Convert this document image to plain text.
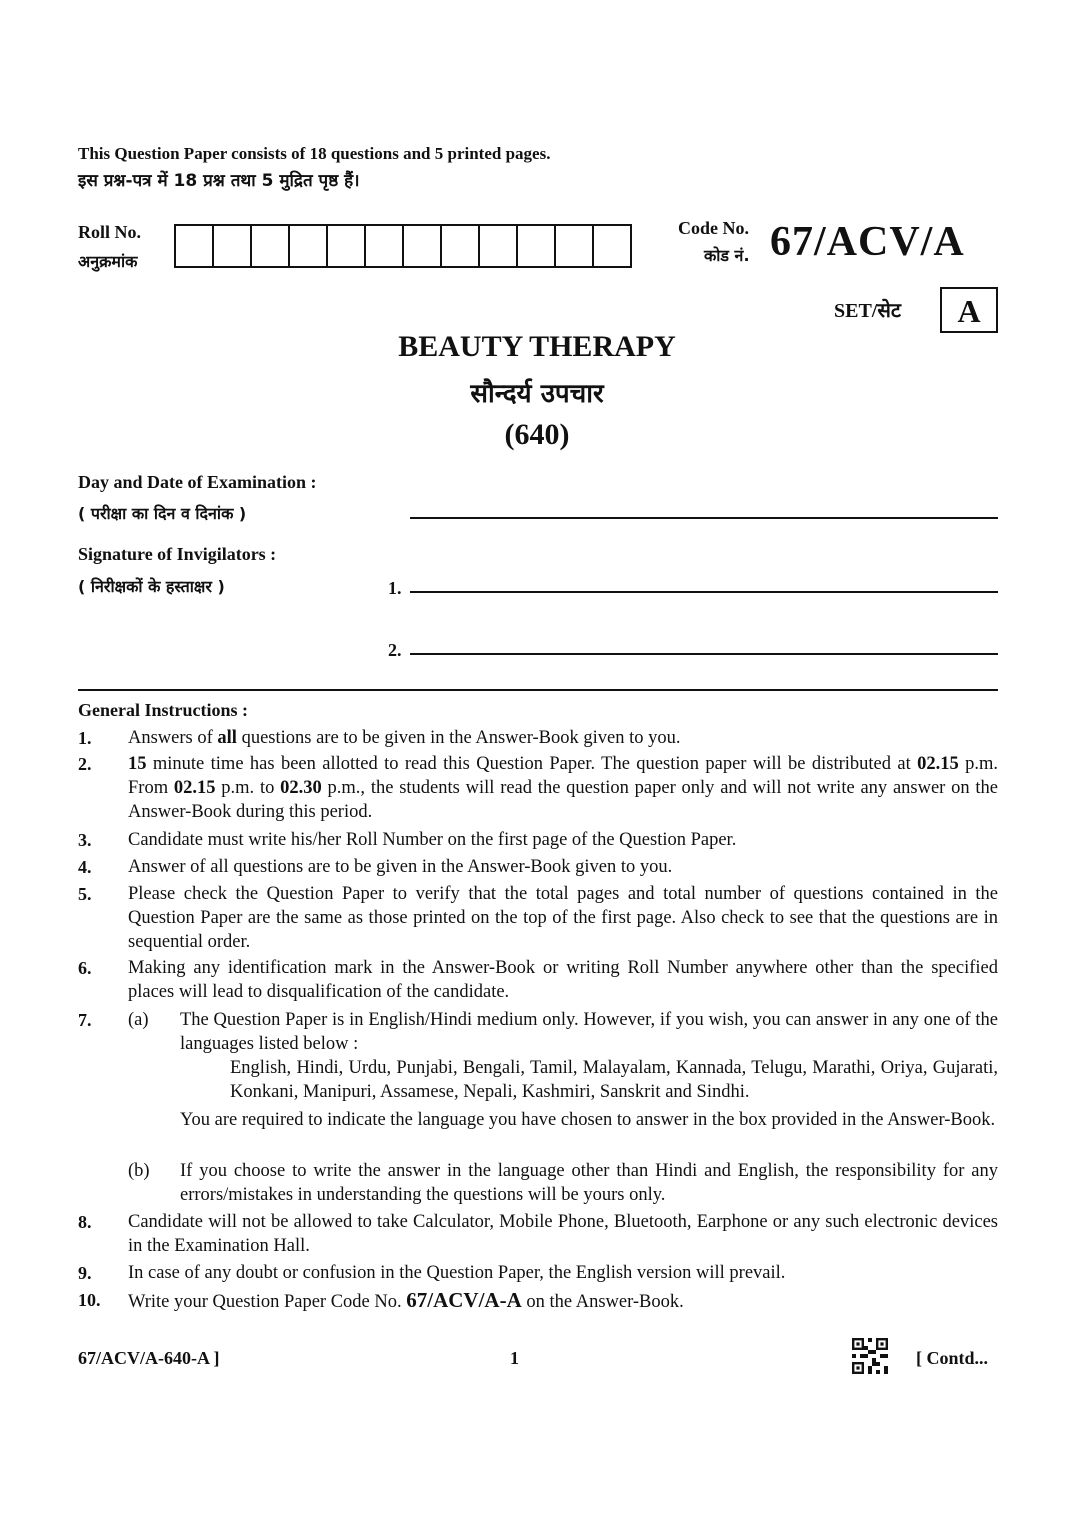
This Question Paper consists of 18 questions and 5 printed pages.
इस प्रश्न-पत्र में 18 प्रश्न तथा 5 मुद्रित पृष्ठ हैं।
Roll No.
अनुक्रमांक
Code No.
कोड नं. 67/ACV/A
SET/सेट	A
BEAUTY THERAPY
सौन्दर्य उपचार
(640)
Day and Date of Examination :
( परीक्षा का दिन व दिनांक )
Signature of Invigilators :
( निरीक्षकों के हस्ताक्षर )	1.
2.
General Instructions :
1. Answers of all questions are to be given in the Answer-Book given to you.
2. 15 minute time has been allotted to read this Question Paper. The question paper will be distributed at 02.15 p.m. From 02.15 p.m. to 02.30 p.m., the students will read the question paper only and will not write any answer on the Answer-Book during this period.
3. Candidate must write his/her Roll Number on the first page of the Question Paper.
4. Answer of all questions are to be given in the Answer-Book given to you.
5. Please check the Question Paper to verify that the total pages and total number of questions contained in the Question Paper are the same as those printed on the top of the first page. Also check to see that the questions are in sequential order.
6. Making any identification mark in the Answer-Book or writing Roll Number anywhere other than the specified places will lead to disqualification of the candidate.
7. (a) The Question Paper is in English/Hindi medium only. However, if you wish, you can answer in any one of the languages listed below :
English, Hindi, Urdu, Punjabi, Bengali, Tamil, Malayalam, Kannada, Telugu, Marathi, Oriya, Gujarati, Konkani, Manipuri, Assamese, Nepali, Kashmiri, Sanskrit and Sindhi.
You are required to indicate the language you have chosen to answer in the box provided in the Answer-Book.
(b) If you choose to write the answer in the language other than Hindi and English, the responsibility for any errors/mistakes in understanding the questions will be yours only.
8. Candidate will not be allowed to take Calculator, Mobile Phone, Bluetooth, Earphone or any such electronic devices in the Examination Hall.
9. In case of any doubt or confusion in the Question Paper, the English version will prevail.
10. Write your Question Paper Code No. 67/ACV/A-A on the Answer-Book.
67/ACV/A-640-A ]	1	[ Contd...
